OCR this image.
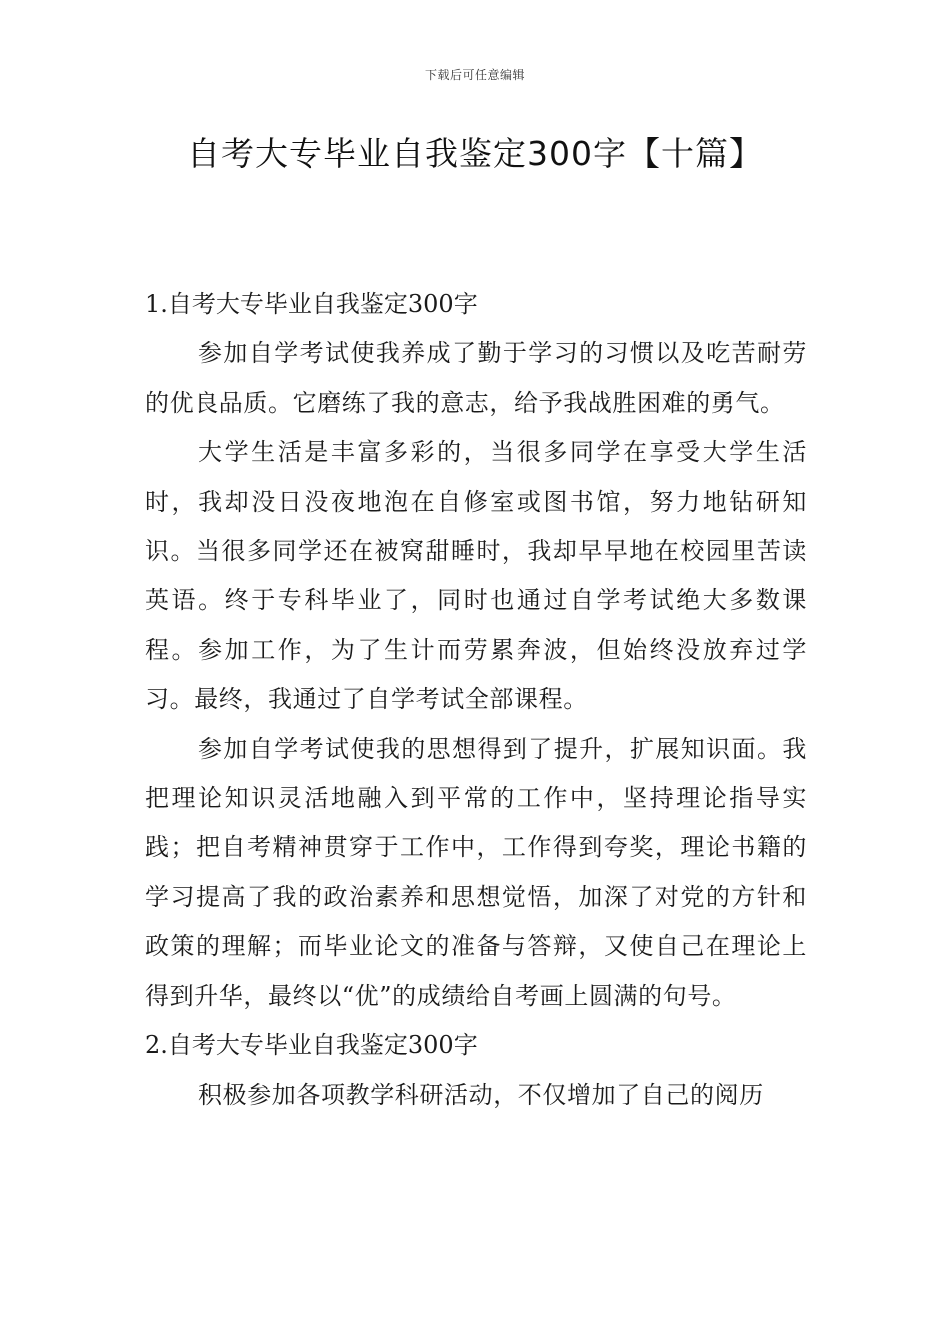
下载后可任意编辑
自考大专毕业自我鉴定300字【十篇】

1.自考大专毕业自我鉴定300字

参加自学考试使我养成了勤于学习的习惯以及吃苦耐劳的优良品质。它磨练了我的意志，给予我战胜困难的勇气。

大学生活是丰富多彩的，当很多同学在享受大学生活时，我却没日没夜地泡在自修室或图书馆，努力地钻研知识。当很多同学还在被窝甜睡时，我却早早地在校园里苦读英语。终于专科毕业了，同时也通过自学考试绝大多数课程。参加工作，为了生计而劳累奔波，但始终没放弃过学习。最终，我通过了自学考试全部课程。

参加自学考试使我的思想得到了提升，扩展知识面。我把理论知识灵活地融入到平常的工作中，坚持理论指导实践；把自考精神贯穿于工作中，工作得到夸奖，理论书籍的学习提高了我的政治素养和思想觉悟，加深了对党的方针和政策的理解；而毕业论文的准备与答辩，又使自己在理论上得到升华，最终以“优”的成绩给自考画上圆满的句号。

2.自考大专毕业自我鉴定300字

积极参加各项教学科研活动，不仅增加了自己的阅历
